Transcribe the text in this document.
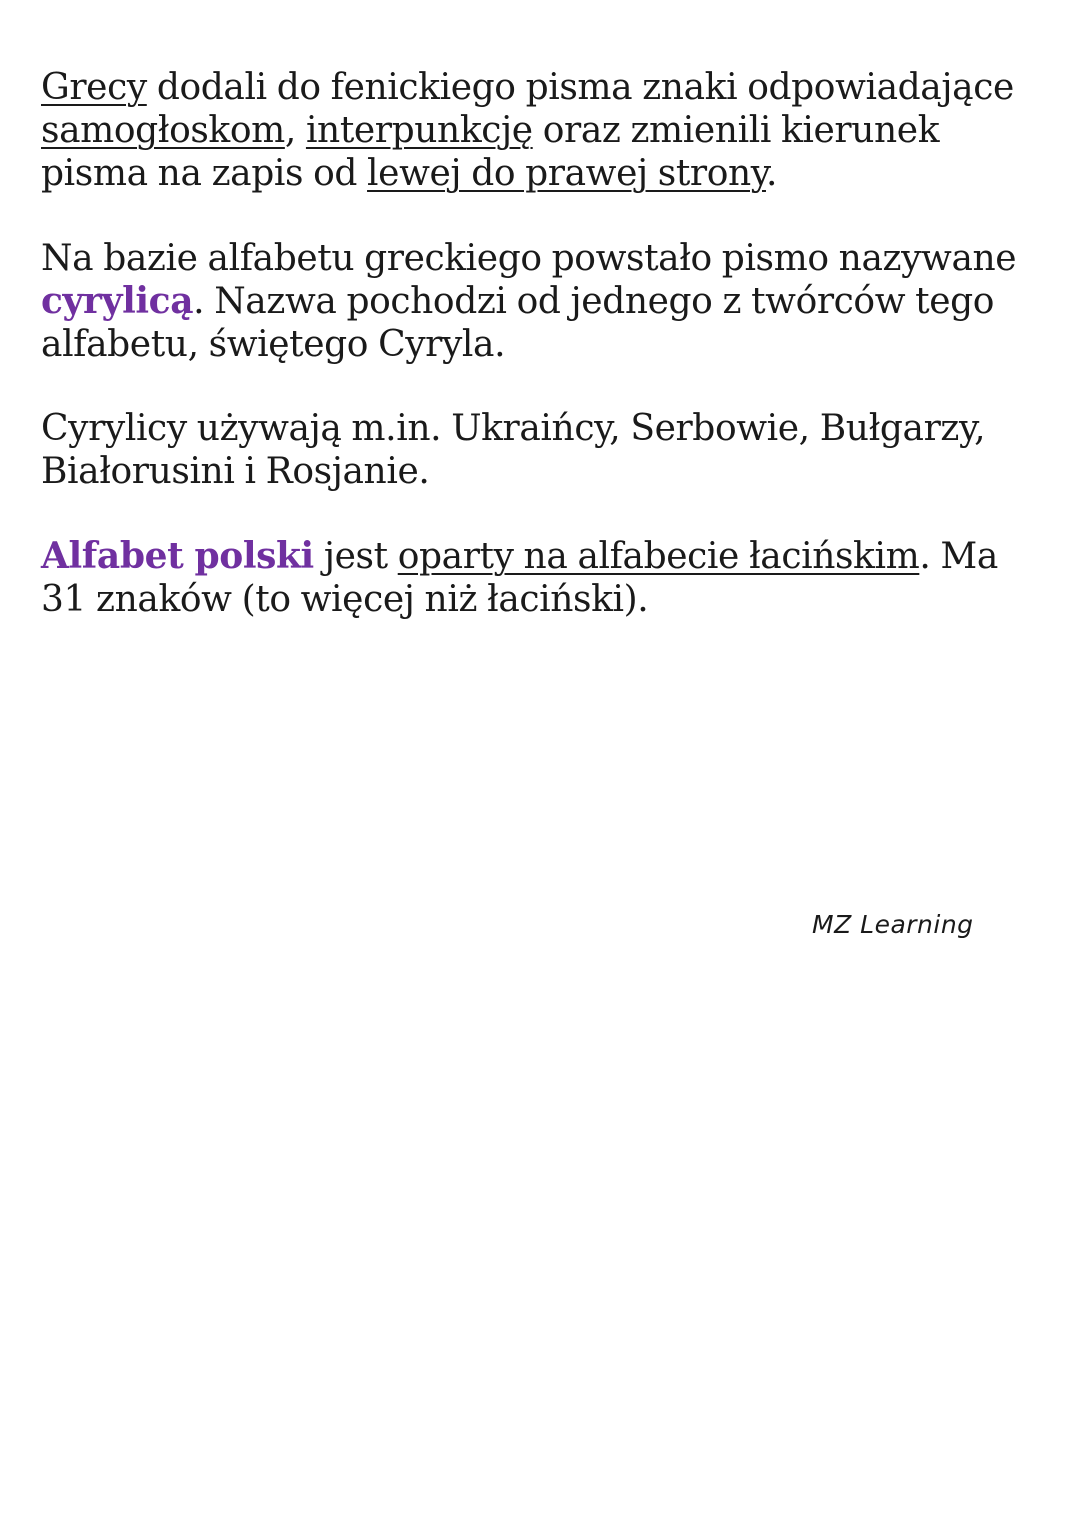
Grecy dodali do fenickiego pisma znaki odpowiadające samogłoskom, interpunkcję oraz zmienili kierunek pisma na zapis od lewej do prawej strony.

Na bazie alfabetu greckiego powstało pismo nazywane cyrylicą. Nazwa pochodzi od jednego z twórców tego alfabetu, świętego Cyryla.

Cyrylicy używają m.in. Ukraińcy, Serbowie, Bułgarzy, Białorusini i Rosjanie.

Alfabet polski jest oparty na alfabecie łacińskim. Ma 31 znaków (to więcej niż łaciński).

MZ Learning
